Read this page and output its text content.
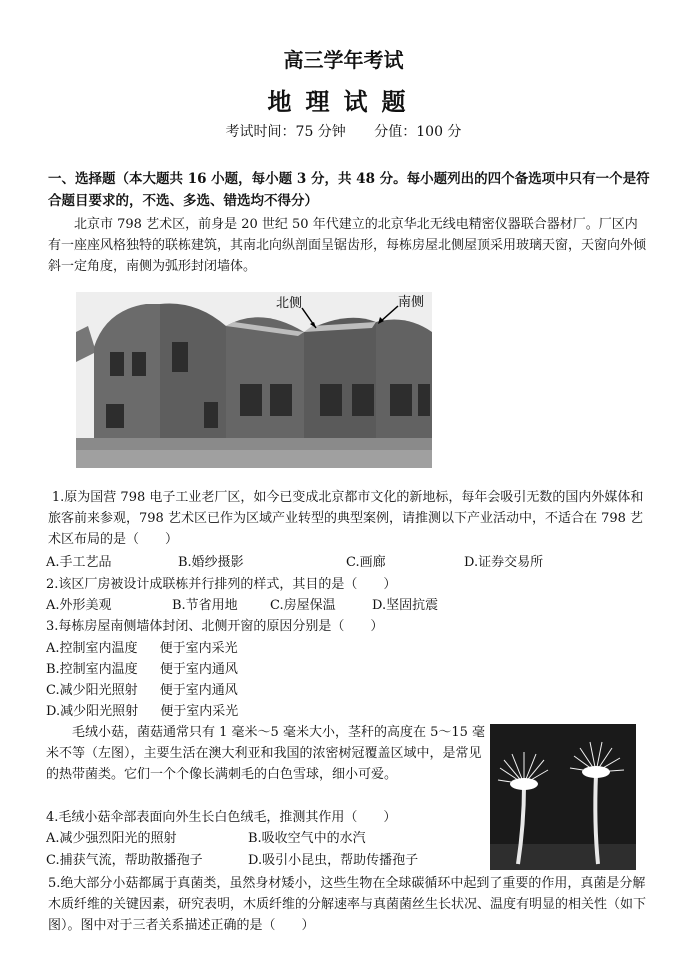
高三学年考试
地理试题
考试时间：75 分钟 分值：100 分
一、选择题（本大题共 16 小题，每小题 3 分，共 48 分。每小题列出的四个备选项中只有一个是符合题目要求的，不选、多选、错选均不得分）
北京市 798 艺术区，前身是 20 世纪 50 年代建立的北京华北无线电精密仪器联合器材厂。厂区内有一座座风格独特的联栋建筑，其南北向纵剖面呈锯齿形，每栋房屋北侧屋顶采用玻璃天窗，天窗向外倾斜一定角度，南侧为弧形封闭墙体。
北侧	南侧
1.原为国营 798 电子工业老厂区，如今已变成北京都市文化的新地标，每年会吸引无数的国内外媒体和旅客前来参观，798 艺术区已作为区域产业转型的典型案例，请推测以下产业活动中，不适合在 798 艺术区布局的是（　　）
A.手工艺品	B.婚纱摄影	C.画廊	D.证券交易所
2.该区厂房被设计成联栋并行排列的样式，其目的是（　　）
A.外形美观	B.节省用地 C.房屋保温	D.坚固抗震
3.每栋房屋南侧墙体封闭、北侧开窗的原因分别是（　　）
A.控制室内温度 便于室内采光
B.控制室内温度 便于室内通风
C.减少阳光照射 便于室内通风
D.减少阳光照射 便于室内采光
毛绒小菇，菌菇通常只有 1 毫米～5 毫米大小，茎秆的高度在 5～15 毫米不等（左图），主要生活在澳大利亚和我国的浓密树冠覆盖区域中，是常见的热带菌类。它们一个个像长满刺毛的白色雪球，细小可爱。
4.毛绒小菇伞部表面向外生长白色绒毛，推测其作用（　　）
A.减少强烈阳光的照射	B.吸收空气中的水汽
C.捕获气流，帮助散播孢子	D.吸引小昆虫，帮助传播孢子
5.绝大部分小菇都属于真菌类，虽然身材矮小，这些生物在全球碳循环中起到了重要的作用，真菌是分解木质纤维的关键因素，研究表明，木质纤维的分解速率与真菌菌丝生长状况、温度有明显的相关性（如下图）。图中对于三者关系描述正确的是（　　）
